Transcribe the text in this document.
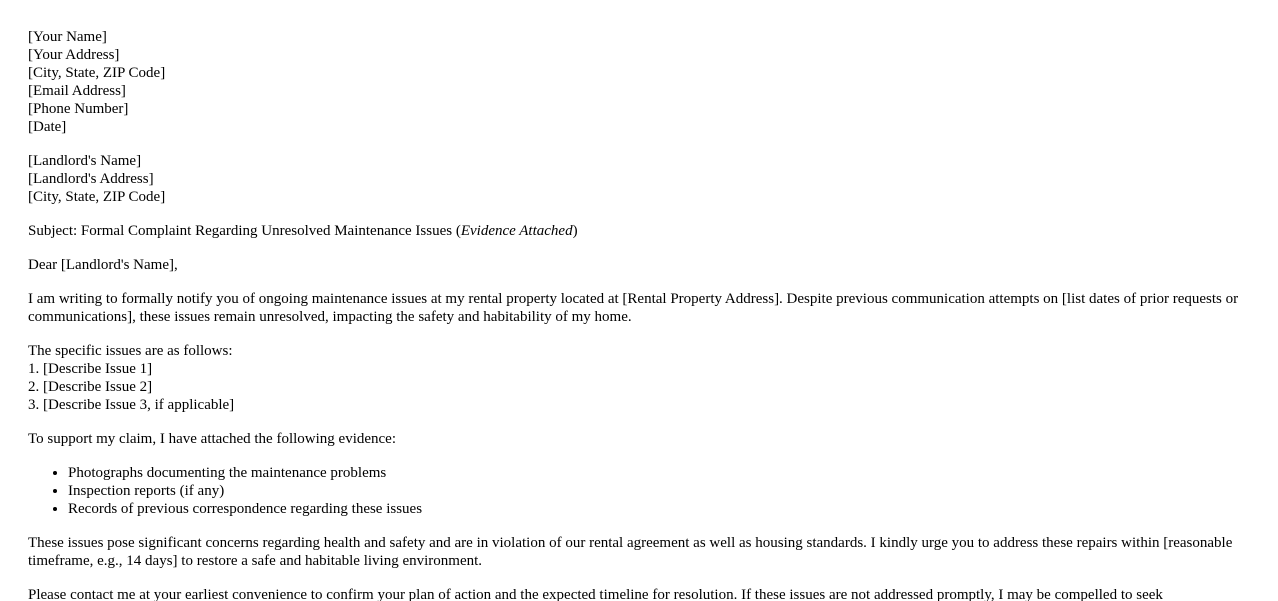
[Your Name]
[Your Address]
[City, State, ZIP Code]
[Email Address]
[Phone Number]
[Date]
[Landlord's Name]
[Landlord's Address]
[City, State, ZIP Code]

Subject: Formal Complaint Regarding Unresolved Maintenance Issues (Evidence Attached)

Dear [Landlord's Name],

I am writing to formally notify you of ongoing maintenance issues at my rental property located at [Rental Property Address]. Despite previous communication attempts on [list dates of prior requests or communications], these issues remain unresolved, impacting the safety and habitability of my home.

The specific issues are as follows:
1. [Describe Issue 1]
2. [Describe Issue 2]
3. [Describe Issue 3, if applicable]

To support my claim, I have attached the following evidence:

• Photographs documenting the maintenance problems
• Inspection reports (if any)
• Records of previous correspondence regarding these issues

These issues pose significant concerns regarding health and safety and are in violation of our rental agreement as well as housing standards. I kindly urge you to address these repairs within [reasonable timeframe, e.g., 14 days] to restore a safe and habitable living environment.

Please contact me at your earliest convenience to confirm your plan of action and the expected timeline for resolution. If these issues are not addressed promptly, I may be compelled to seek
